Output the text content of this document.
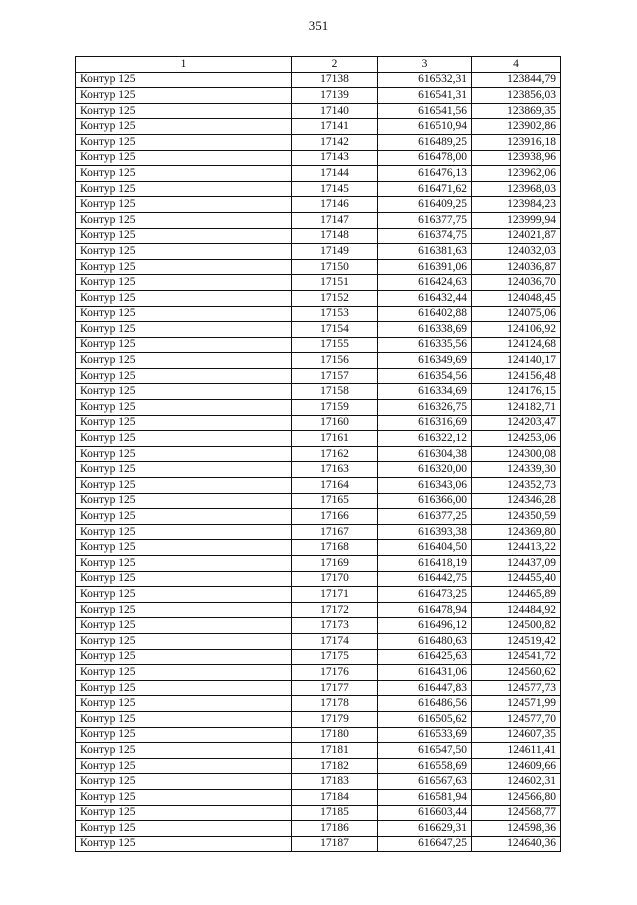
351
1	2	3	4
Контур 125	17138	616532,31	123844,79
Контур 125	17139	616541,31	123856,03
Контур 125	17140	616541,56	123869,35
Контур 125	17141	616510,94	123902,86
Контур 125	17142	616489,25	123916,18
Контур 125	17143	616478,00	123938,96
Контур 125	17144	616476,13	123962,06
Контур 125	17145	616471,62	123968,03
Контур 125	17146	616409,25	123984,23
Контур 125	17147	616377,75	123999,94
Контур 125	17148	616374,75	124021,87
Контур 125	17149	616381,63	124032,03
Контур 125	17150	616391,06	124036,87
Контур 125	17151	616424,63	124036,70
Контур 125	17152	616432,44	124048,45
Контур 125	17153	616402,88	124075,06
Контур 125	17154	616338,69	124106,92
Контур 125	17155	616335,56	124124,68
Контур 125	17156	616349,69	124140,17
Контур 125	17157	616354,56	124156,48
Контур 125	17158	616334,69	124176,15
Контур 125	17159	616326,75	124182,71
Контур 125	17160	616316,69	124203,47
Контур 125	17161	616322,12	124253,06
Контур 125	17162	616304,38	124300,08
Контур 125	17163	616320,00	124339,30
Контур 125	17164	616343,06	124352,73
Контур 125	17165	616366,00	124346,28
Контур 125	17166	616377,25	124350,59
Контур 125	17167	616393,38	124369,80
Контур 125	17168	616404,50	124413,22
Контур 125	17169	616418,19	124437,09
Контур 125	17170	616442,75	124455,40
Контур 125	17171	616473,25	124465,89
Контур 125	17172	616478,94	124484,92
Контур 125	17173	616496,12	124500,82
Контур 125	17174	616480,63	124519,42
Контур 125	17175	616425,63	124541,72
Контур 125	17176	616431,06	124560,62
Контур 125	17177	616447,83	124577,73
Контур 125	17178	616486,56	124571,99
Контур 125	17179	616505,62	124577,70
Контур 125	17180	616533,69	124607,35
Контур 125	17181	616547,50	124611,41
Контур 125	17182	616558,69	124609,66
Контур 125	17183	616567,63	124602,31
Контур 125	17184	616581,94	124566,80
Контур 125	17185	616603,44	124568,77
Контур 125	17186	616629,31	124598,36
Контур 125	17187	616647,25	124640,36
